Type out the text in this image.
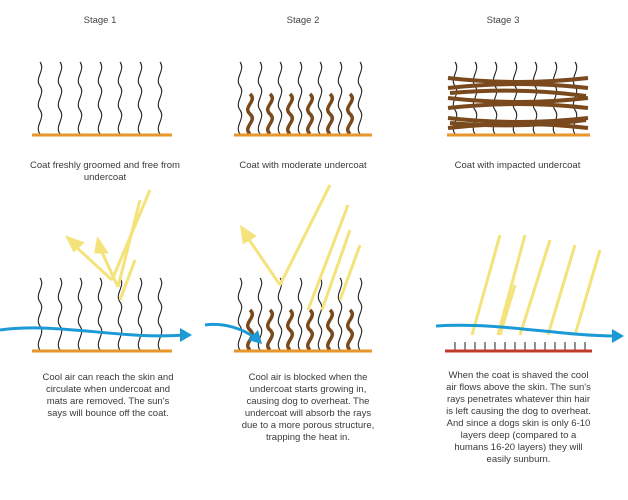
Stage 1	Stage 2	Stage 3
Coat freshly groomed and free from undercoat
Coat with moderate undercoat	Coat with impacted undercoat
Cool air can reach the skin and circulate when undercoat and mats are removed. The sun's says will bounce off the coat.
Cool air is blocked when the undercoat starts growing in, causing dog to overheat. The undercoat will absorb the rays due to a more porous structure, trapping the heat in.
When the coat is shaved the cool air flows above the skin. The sun's rays penetrates whatever thin hair is left causing the dog to overheat. And since a dogs skin is only 6-10 layers deep (compared to a humans 16-20 layers) they will easily sunburn.
